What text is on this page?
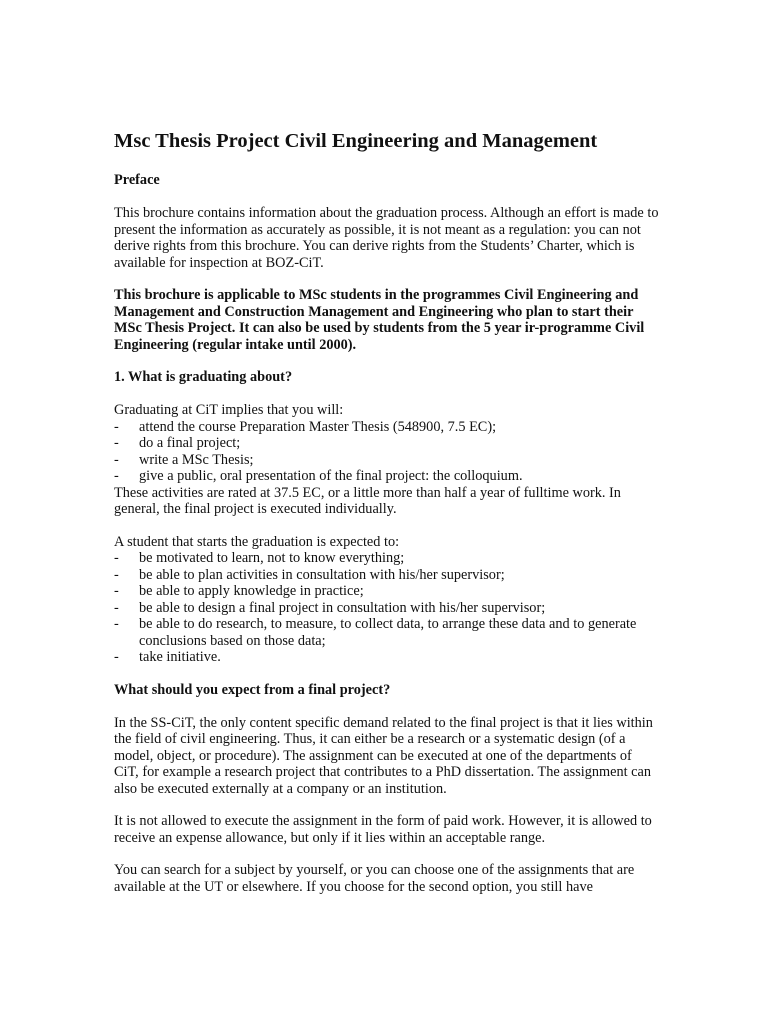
Msc Thesis Project Civil Engineering and Management
Preface

This brochure contains information about the graduation process. Although an effort is made to present the information as accurately as possible, it is not meant as a regulation: you can not derive rights from this brochure. You can derive rights from the Students’ Charter, which is available for inspection at BOZ-CiT.

This brochure is applicable to MSc students in the programmes Civil Engineering and Management and Construction Management and Engineering who plan to start their MSc Thesis Project. It can also be used by students from the 5 year ir-programme Civil Engineering (regular intake until 2000).

1. What is graduating about?

Graduating at CiT implies that you will:

- attend the course Preparation Master Thesis (548900, 7.5 EC);
- do a final project;
- write a MSc Thesis;
- give a public, oral presentation of the final project: the colloquium.

These activities are rated at 37.5 EC, or a little more than half a year of fulltime work. In general, the final project is executed individually.

A student that starts the graduation is expected to:

- be motivated to learn, not to know everything;
- be able to plan activities in consultation with his/her supervisor;
- be able to apply knowledge in practice;
- be able to design a final project in consultation with his/her supervisor;
- be able to do research, to measure, to collect data, to arrange these data and to generate conclusions based on those data;
- take initiative.
What should you expect from a final project?

In the SS-CiT, the only content specific demand related to the final project is that it lies within the field of civil engineering. Thus, it can either be a research or a systematic design (of a model, object, or procedure). The assignment can be executed at one of the departments of CiT, for example a research project that contributes to a PhD dissertation. The assignment can also be executed externally at a company or an institution.

It is not allowed to execute the assignment in the form of paid work. However, it is allowed to receive an expense allowance, but only if it lies within an acceptable range.

You can search for a subject by yourself, or you can choose one of the assignments that are available at the UT or elsewhere. If you choose for the second option, you still have
